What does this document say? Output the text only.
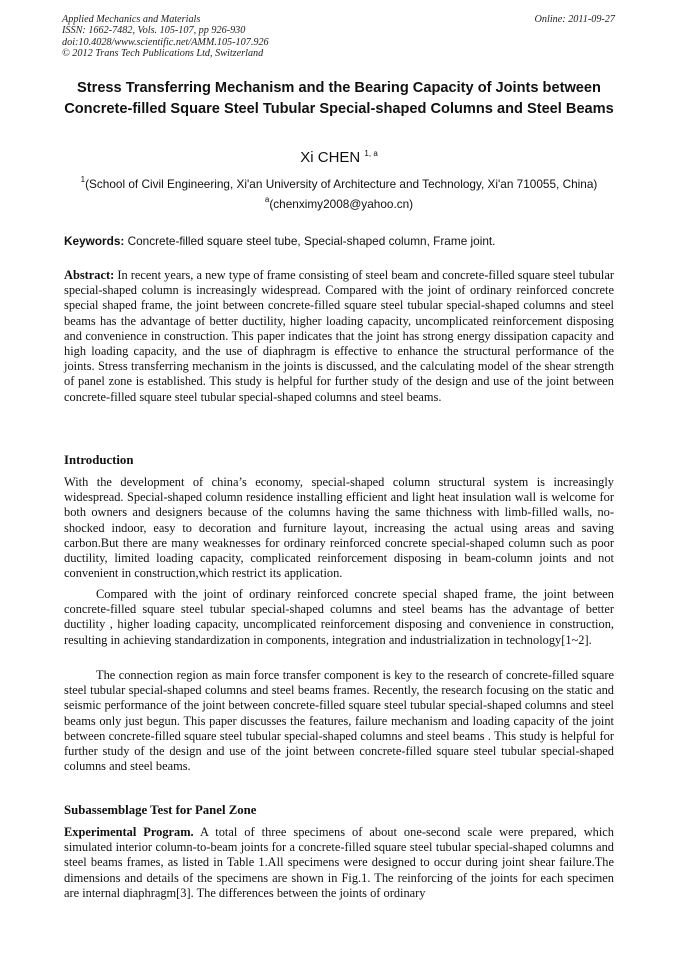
Applied Mechanics and Materials
ISSN: 1662-7482, Vols. 105-107, pp 926-930
doi:10.4028/www.scientific.net/AMM.105-107.926
© 2012 Trans Tech Publications Ltd, Switzerland
Online: 2011-09-27
Stress Transferring Mechanism and the Bearing Capacity of Joints between Concrete-filled Square Steel Tubular Special-shaped Columns and Steel Beams
Xi CHEN $^{1, a}$
$^1$(School of Civil Engineering, Xi'an University of Architecture and Technology, Xi'an 710055, China)
$^a$(chenximy2008@yahoo.cn)
Keywords: Concrete-filled square steel tube, Special-shaped column, Frame joint.
Abstract: In recent years, a new type of frame consisting of steel beam and concrete-filled square steel tubular special-shaped column is increasingly widespread. Compared with the joint of ordinary reinforced concrete special shaped frame, the joint between concrete-filled square steel tubular special-shaped columns and steel beams has the advantage of better ductility, higher loading capacity, uncomplicated reinforcement disposing and convenience in construction. This paper indicates that the joint has strong energy dissipation capacity and high loading capacity, and the use of diaphragm is effective to enhance the structural performance of the joints. Stress transferring mechanism in the joints is discussed, and the calculating model of the shear strength of panel zone is established. This study is helpful for further study of the design and use of the joint between concrete-filled square steel tubular special-shaped columns and steel beams.
Introduction
With the development of china’s economy, special-shaped column structural system is increasingly widespread. Special-shaped column residence installing efficient and light heat insulation wall is welcome for both owners and designers because of the columns having the same thichness with limb-filled walls, no-shocked indoor, easy to decoration and furniture layout, increasing the actual using areas and saving carbon.But there are many weaknesses for ordinary reinforced concrete special-shaped column such as poor ductility, limited loading capacity, complicated reinforcement disposing in beam-column joints and not convenient in construction,which restrict its application.
Compared with the joint of ordinary reinforced concrete special shaped frame, the joint between concrete-filled square steel tubular special-shaped columns and steel beams has the advantage of better ductility , higher loading capacity, uncomplicated reinforcement disposing and convenience in construction, resulting in achieving standardization in components, integration and industrialization in technology[1~2].
The connection region as main force transfer component is key to the research of concrete-filled square steel tubular special-shaped columns and steel beams frames. Recently, the research focusing on the static and seismic performance of the joint between concrete-filled square steel tubular special-shaped columns and steel beams only just begun. This paper discusses the features, failure mechanism and loading capacity of the joint between concrete-filled square steel tubular special-shaped columns and steel beams . This study is helpful for further study of the design and use of the joint between concrete-filled square steel tubular special-shaped columns and steel beams.
Subassemblage Test for Panel Zone
Experimental Program. A total of three specimens of about one-second scale were prepared, which simulated interior column-to-beam joints for a concrete-filled square steel tubular special-shaped columns and steel beams frames, as listed in Table 1.All specimens were designed to occur during joint shear failure.The dimensions and details of the specimens are shown in Fig.1. The reinforcing of the joints for each specimen are internal diaphragm[3]. The differences between the joints of ordinary
